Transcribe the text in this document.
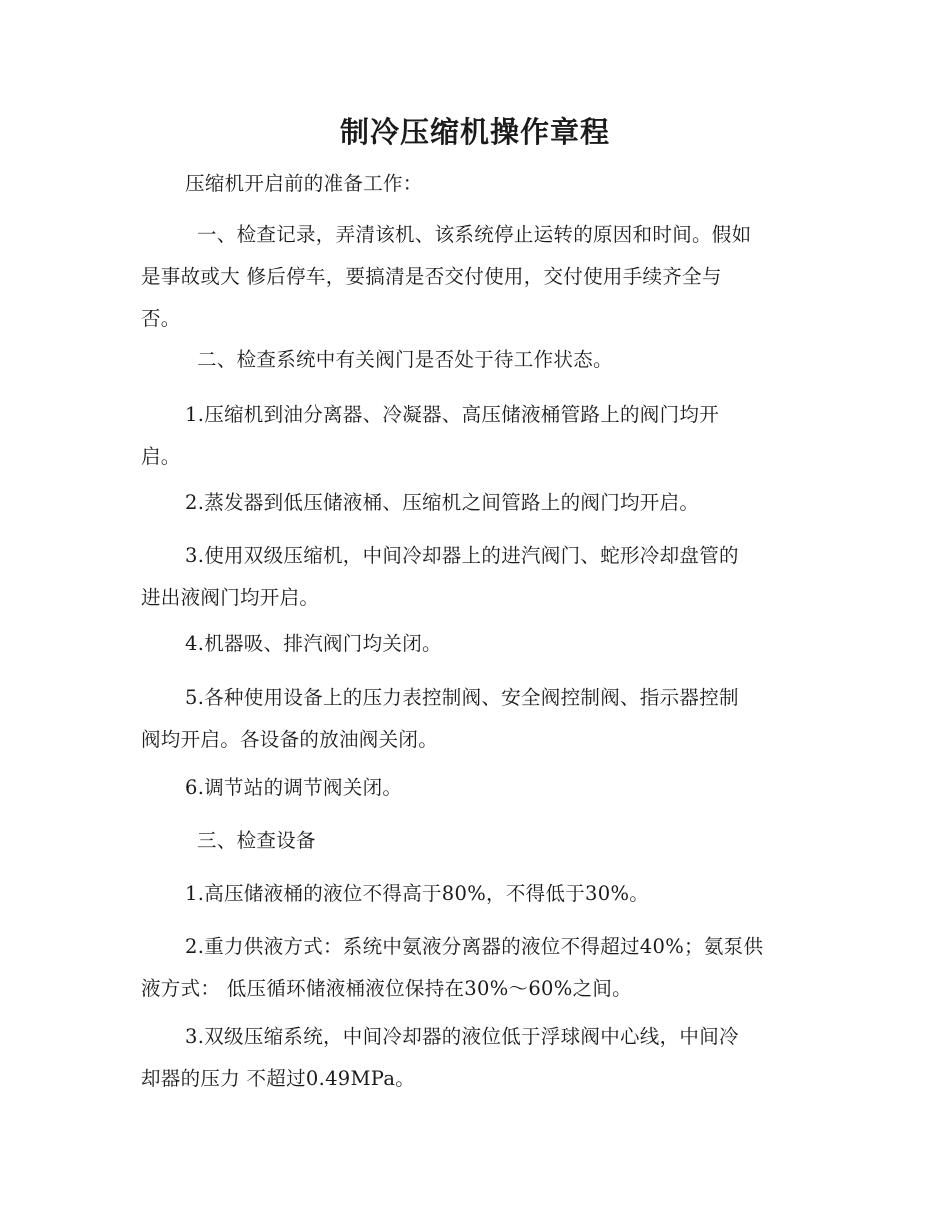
制冷压缩机操作章程
压缩机开启前的准备工作：
一、检查记录，弄清该机、该系统停止运转的原因和时间。假如
是事故或大 修后停车，要搞清是否交付使用，交付使用手续齐全与
否。
二、检查系统中有关阀门是否处于待工作状态。
1.压缩机到油分离器、冷凝器、高压储液桶管路上的阀门均开
启。
2.蒸发器到低压储液桶、压缩机之间管路上的阀门均开启。
3.使用双级压缩机，中间冷却器上的进汽阀门、蛇形冷却盘管的
进出液阀门均开启。
4.机器吸、排汽阀门均关闭。
5.各种使用设备上的压力表控制阀、安全阀控制阀、指示器控制
阀均开启。各设备的放油阀关闭。
6.调节站的调节阀关闭。
三、检查设备
1.高压储液桶的液位不得高于80%，不得低于30%。
2.重力供液方式：系统中氨液分离器的液位不得超过40%；氨泵供
液方式： 低压循环储液桶液位保持在30%～60%之间。
3.双级压缩系统，中间冷却器的液位低于浮球阀中心线，中间冷
却器的压力 不超过0.49MPa。
